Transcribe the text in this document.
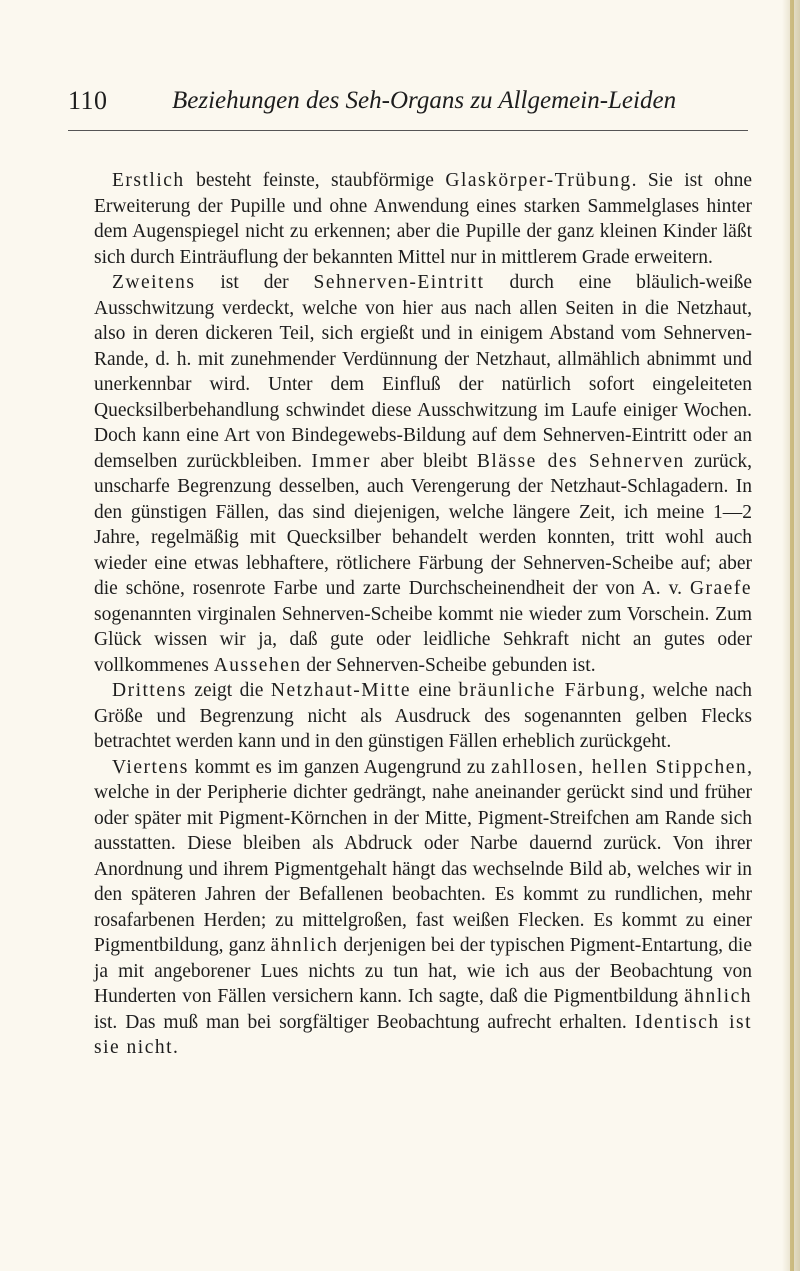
110	Beziehungen des Seh-Organs zu Allgemein-Leiden

Erstlich besteht feinste, staubförmige Glaskörper-Trübung. Sie ist ohne Erweiterung der Pupille und ohne Anwendung eines starken Sammelglases hinter dem Augenspiegel nicht zu erkennen; aber die Pupille der ganz kleinen Kinder läßt sich durch Einträuflung der bekannten Mittel nur in mittlerem Grade erweitern.

Zweitens ist der Sehnerven-Eintritt durch eine bläulich-weiße Ausschwitzung verdeckt, welche von hier aus nach allen Seiten in die Netzhaut, also in deren dickeren Teil, sich ergießt und in einigem Abstand vom Sehnerven-Rande, d. h. mit zunehmender Verdünnung der Netzhaut, allmählich abnimmt und unerkennbar wird. Unter dem Einfluß der natürlich sofort eingeleiteten Quecksilberbehandlung schwindet diese Ausschwitzung im Laufe einiger Wochen. Doch kann eine Art von Bindegewebs-Bildung auf dem Sehnerven-Eintritt oder an demselben zurückbleiben. Immer aber bleibt Blässe des Sehnerven zurück, unscharfe Begrenzung desselben, auch Verengerung der Netzhaut-Schlagadern. In den günstigen Fällen, das sind diejenigen, welche längere Zeit, ich meine 1—2 Jahre, regelmäßig mit Quecksilber behandelt werden konnten, tritt wohl auch wieder eine etwas lebhaftere, rötlichere Färbung der Sehnerven-Scheibe auf; aber die schöne, rosenrote Farbe und zarte Durchscheinendheit der von A. v. Graefe sogenannten virginalen Sehnerven-Scheibe kommt nie wieder zum Vorschein. Zum Glück wissen wir ja, daß gute oder leidliche Sehkraft nicht an gutes oder vollkommenes Aussehen der Sehnerven-Scheibe gebunden ist.

Drittens zeigt die Netzhaut-Mitte eine bräunliche Färbung, welche nach Größe und Begrenzung nicht als Ausdruck des sogenannten gelben Flecks betrachtet werden kann und in den günstigen Fällen erheblich zurückgeht.

Viertens kommt es im ganzen Augengrund zu zahllosen, hellen Stippchen, welche in der Peripherie dichter gedrängt, nahe aneinander gerückt sind und früher oder später mit Pigment-Körnchen in der Mitte, Pigment-Streifchen am Rande sich ausstatten. Diese bleiben als Abdruck oder Narbe dauernd zurück. Von ihrer Anordnung und ihrem Pigmentgehalt hängt das wechselnde Bild ab, welches wir in den späteren Jahren der Befallenen beobachten. Es kommt zu rundlichen, mehr rosafarbenen Herden; zu mittelgroßen, fast weißen Flecken. Es kommt zu einer Pigmentbildung, ganz ähnlich derjenigen bei der typischen Pigment-Entartung, die ja mit angeborener Lues nichts zu tun hat, wie ich aus der Beobachtung von Hunderten von Fällen versichern kann. Ich sagte, daß die Pigmentbildung ähnlich ist. Das muß man bei sorgfältiger Beobachtung aufrecht erhalten. Identisch ist sie nicht.
